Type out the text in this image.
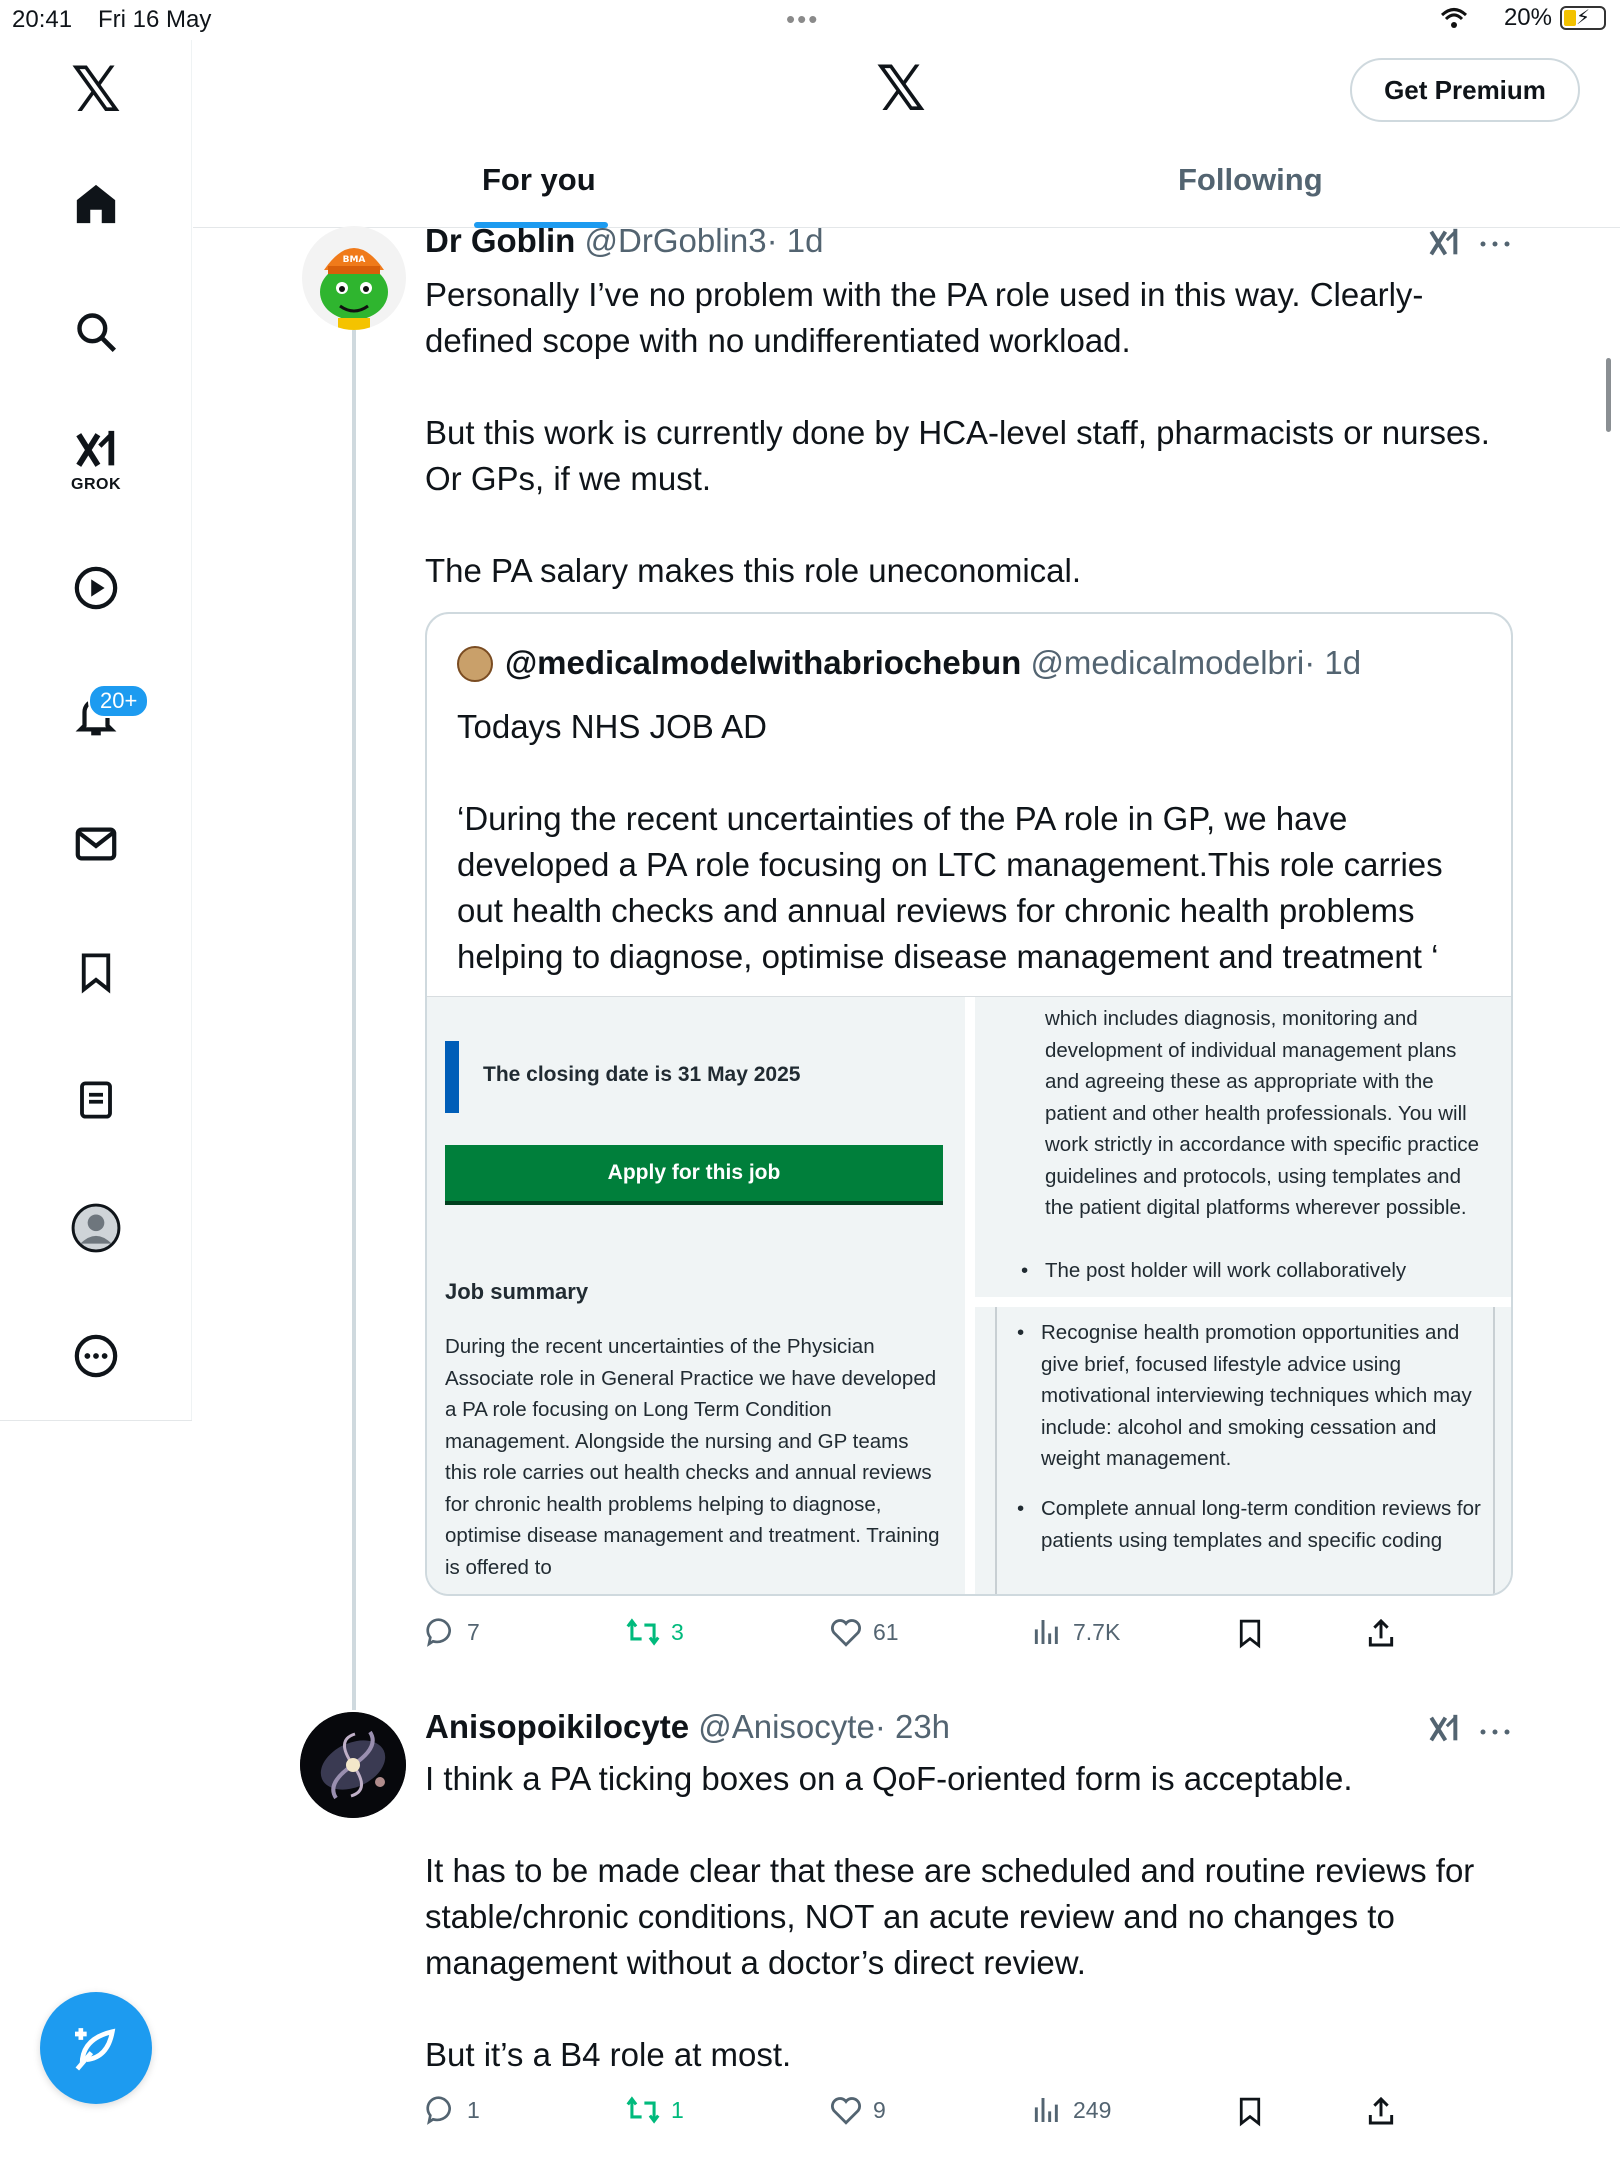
20:41 Fri 16 May	•••	20% ⚡
𝕏
GROK
20+
𝕏	Get Premium
For you	Following
BMA
Dr Goblin @DrGoblin3· 1d

Personally I’ve no problem with the PA role used in this way. Clearly-defined scope with no undifferentiated workload.

But this work is currently done by HCA-level staff, pharmacists or nurses. Or GPs, if we must.

The PA salary makes this role uneconomical.

@medicalmodelwithabriochebun @medicalmodelbri· 1d

Todays NHS JOB AD

‘During the recent uncertainties of the PA role in GP, we have developed a PA role focusing on LTC management.This role carries out health checks and annual reviews for chronic health problems helping to diagnose, optimise disease management and treatment ‘

The closing date is 31 May 2025
Apply for this job
Job summary
During the recent uncertainties of the Physician Associate role in General Practice we have developed a PA role focusing on Long Term Condition management. Alongside the nursing and GP teams this role carries out health checks and annual reviews for chronic health problems helping to diagnose, optimise disease management and treatment. Training is offered to
which includes diagnosis, monitoring and development of individual management plans and agreeing these as appropriate with the patient and other health professionals. You will work strictly in accordance with specific practice guidelines and protocols, using templates and the patient digital platforms wherever possible.
• The post holder will work collaboratively
• Recognise health promotion opportunities and give brief, focused lifestyle advice using motivational interviewing techniques which may include: alcohol and smoking cessation and weight management.
• Complete annual long-term condition reviews for patients using templates and specific coding
7	3	61	7.7K
Anisopoikilocyte @Anisocyte· 23h

I think a PA ticking boxes on a QoF-oriented form is acceptable.

It has to be made clear that these are scheduled and routine reviews for stable/chronic conditions, NOT an acute review and no changes to management without a doctor’s direct review.

But it’s a B4 role at most.

1	1	9	249
